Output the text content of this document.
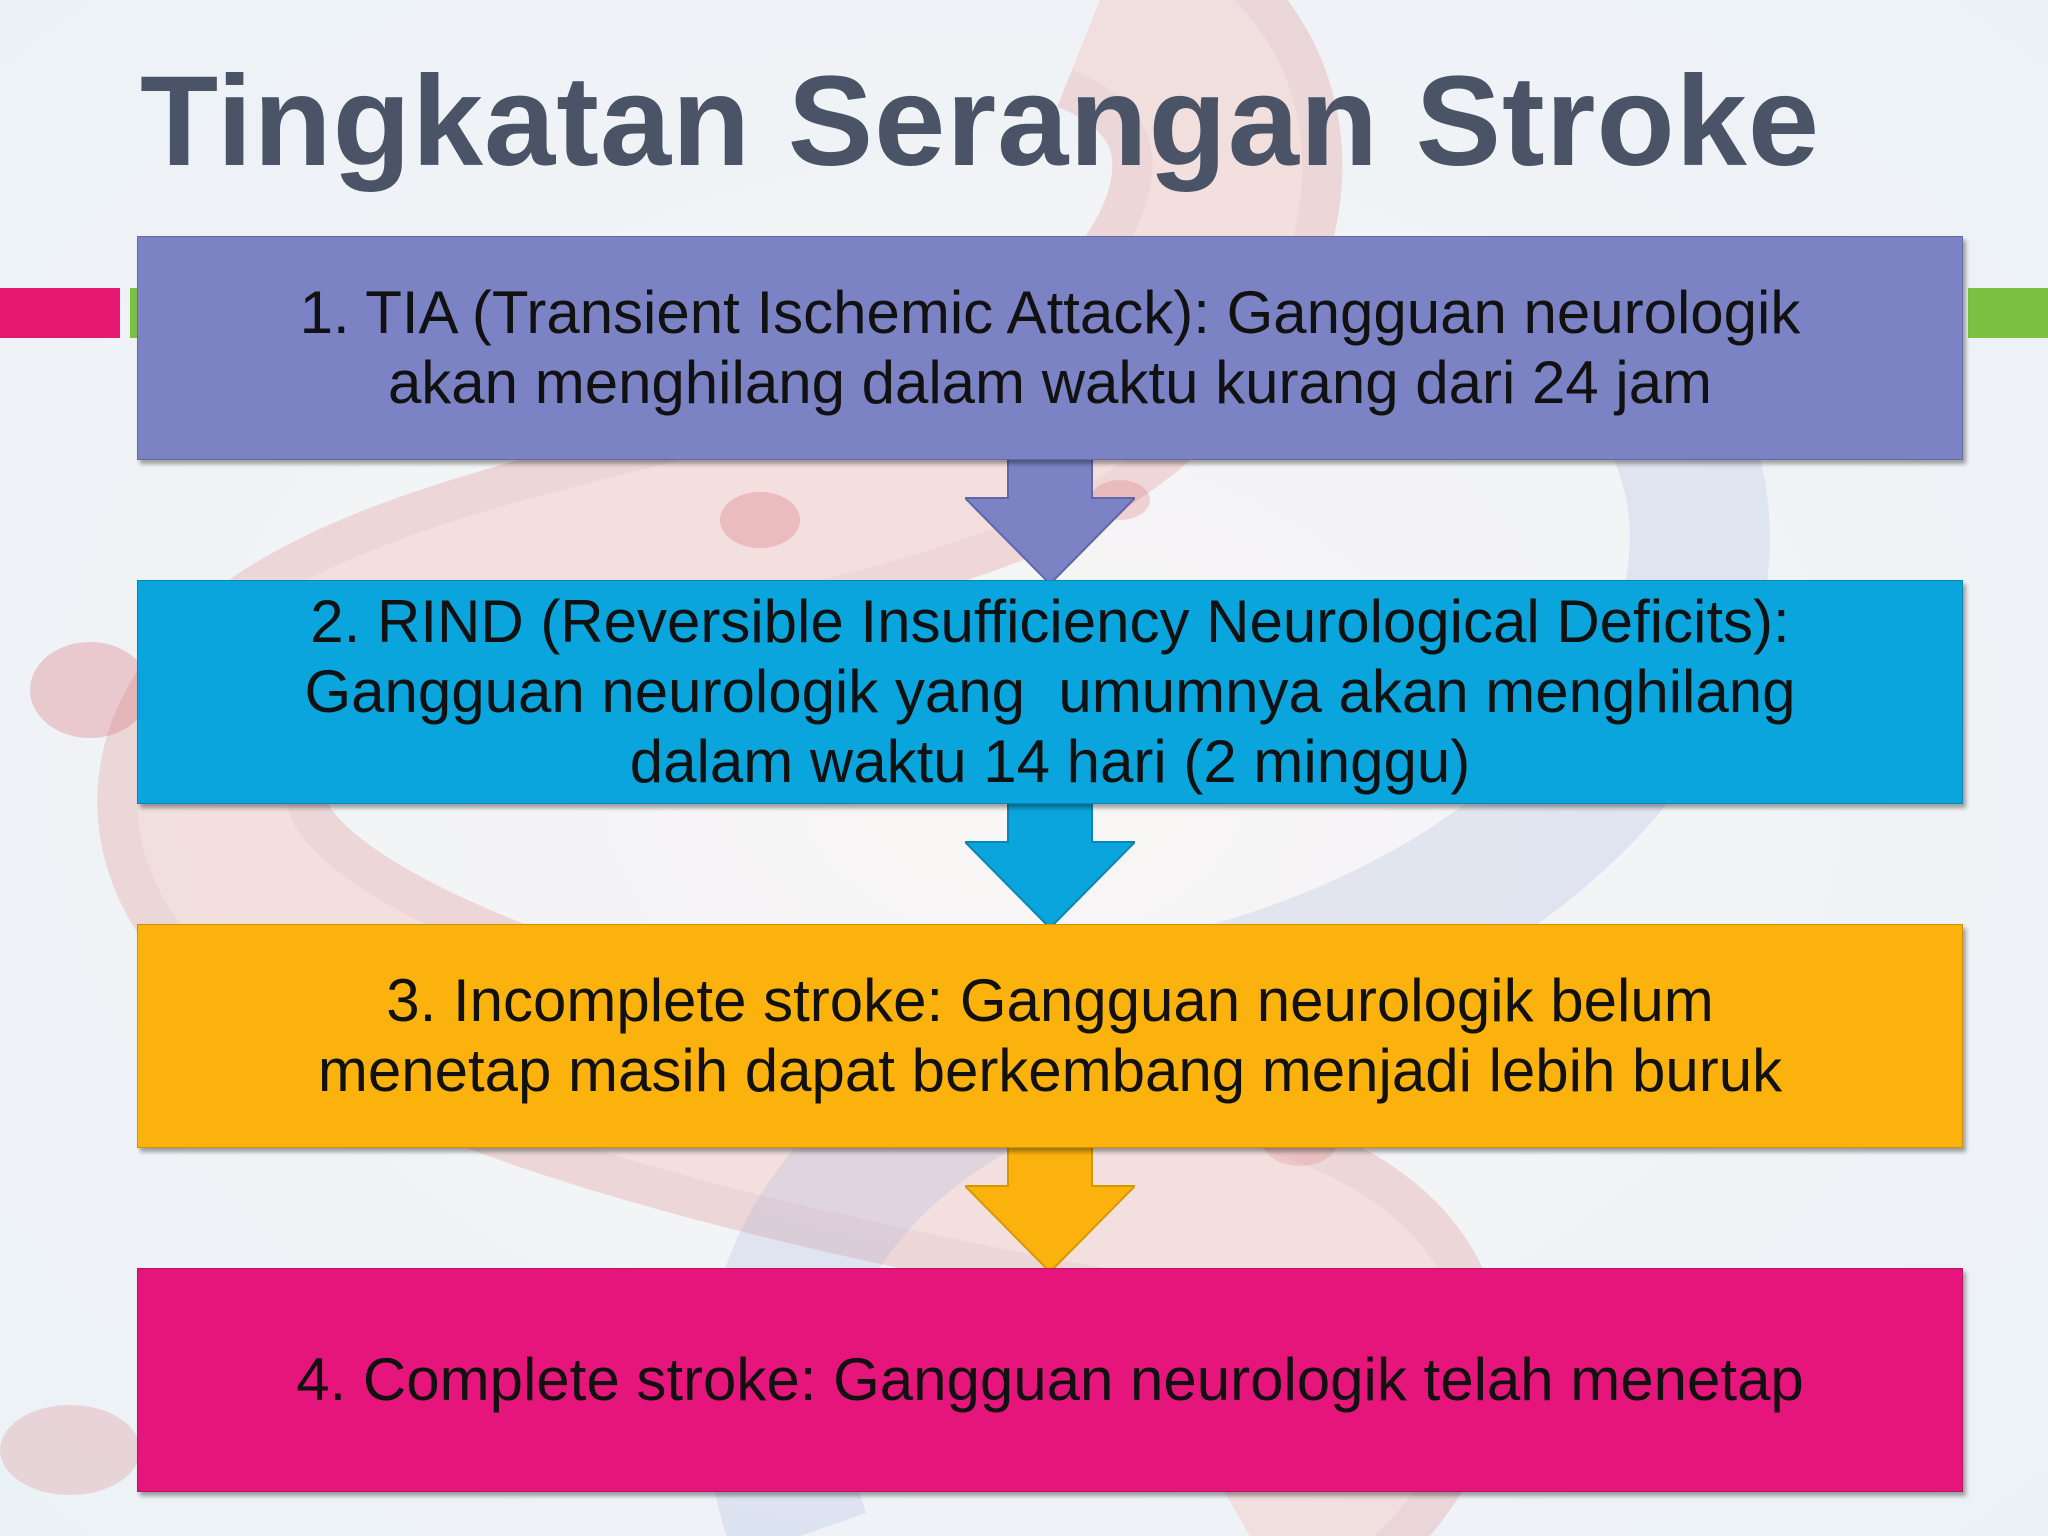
Tingkatan Serangan Stroke
1. TIA (Transient Ischemic Attack): Gangguan neurologik
akan menghilang dalam waktu kurang dari 24 jam
2. RIND (Reversible Insufficiency Neurological Deficits):
Gangguan neurologik yang  umumnya akan menghilang
dalam waktu 14 hari (2 minggu)
3. Incomplete stroke: Gangguan neurologik belum
menetap masih dapat berkembang menjadi lebih buruk
4. Complete stroke: Gangguan neurologik telah menetap
